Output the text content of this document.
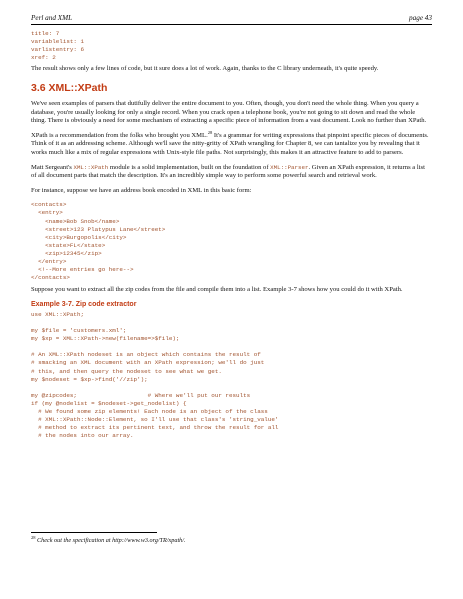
Perl and XML	page 43
title: 7
variablelist: 1
varlistentry: 6
xref: 2

The result shows only a few lines of code, but it sure does a lot of work. Again, thanks to the C library underneath, it's quite speedy.

3.6 XML::XPath

We've seen examples of parsers that dutifully deliver the entire document to you. Often, though, you don't need the whole thing. When you query a database, you're usually looking for only a single record. When you crack open a telephone book, you're not going to sit down and read the whole thing. There is obviously a need for some mechanism of extracting a specific piece of information from a vast document. Look no further than XPath.

XPath is a recommendation from the folks who brought you XML.$^{28}$ It's a grammar for writing expressions that pinpoint specific pieces of documents. Think of it as an addressing scheme. Although we'll save the nitty-gritty of XPath wrangling for Chapter 8, we can tantalize you by revealing that it works much like a mix of regular expressions with Unix-style file paths. Not surprisingly, this makes it an attractive feature to add to parsers.

Matt Sergeant's XML::XPath module is a solid implementation, built on the foundation of XML::Parser. Given an XPath expression, it returns a list of all document parts that match the description. It's an incredibly simple way to perform some powerful search and retrieval work.

For instance, suppose we have an address book encoded in XML in this basic form:

<contacts>
<entry>
<name>Bob Snob</name>
<street>123 Platypus Lane</street>
<city>Burgopolis</city>
<state>FL</state>
<zip>12345</zip>
</entry>
<!--More entries go here-->
</contacts>

Suppose you want to extract all the zip codes from the file and compile them into a list. Example 3-7 shows how you could do it with XPath.

Example 3-7. Zip code extractor
use XML::XPath;
my $file = 'customers.xml';
my $xp = XML::XPath->new(filename=>$file);
# An XML::XPath nodeset is an object which contains the result of
# smacking an XML document with an XPath expression; we'll do just
# this, and then query the nodeset to see what we get.
my $nodeset = $xp->find('//zip');
my @zipcodes;                    # Where we'll put our results
if (my @nodelist = $nodeset->get_nodelist) {
# We found some zip elements! Each node is an object of the class
# XML::XPath::Node::Element, so I'll use that class's 'string_value'
# method to extract its pertinent text, and throw the result for all
# the nodes into our array.
$^{28}$ Check out the specification at http://www.w3.org/TR/xpath/.
